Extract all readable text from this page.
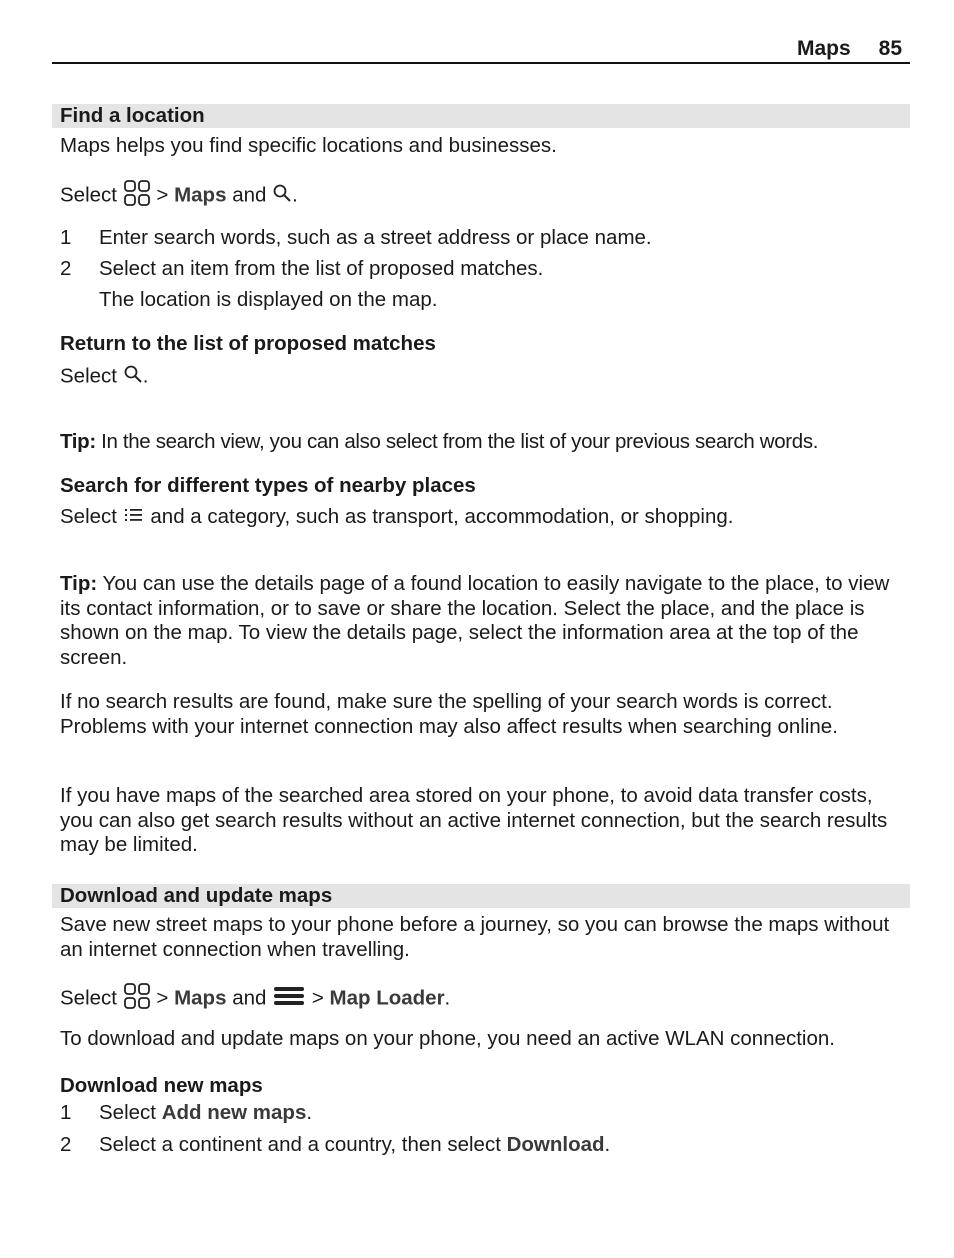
Maps 85
Find a location
Maps helps you find specific locations and businesses.
Select > Maps and .
1 Enter search words, such as a street address or place name.
2 Select an item from the list of proposed matches.
The location is displayed on the map.
Return to the list of proposed matches
Select .
Tip: In the search view, you can also select from the list of your previous search words.
Search for different types of nearby places
Select and a category, such as transport, accommodation, or shopping.
Tip: You can use the details page of a found location to easily navigate to the place, to view its contact information, or to save or share the location. Select the place, and the place is shown on the map. To view the details page, select the information area at the top of the screen.
If no search results are found, make sure the spelling of your search words is correct. Problems with your internet connection may also affect results when searching online.
If you have maps of the searched area stored on your phone, to avoid data transfer costs, you can also get search results without an active internet connection, but the search results may be limited.
Download and update maps
Save new street maps to your phone before a journey, so you can browse the maps without an internet connection when travelling.
Select > Maps and > Map Loader.
To download and update maps on your phone, you need an active WLAN connection.
Download new maps
1 Select Add new maps.
2 Select a continent and a country, then select Download.
